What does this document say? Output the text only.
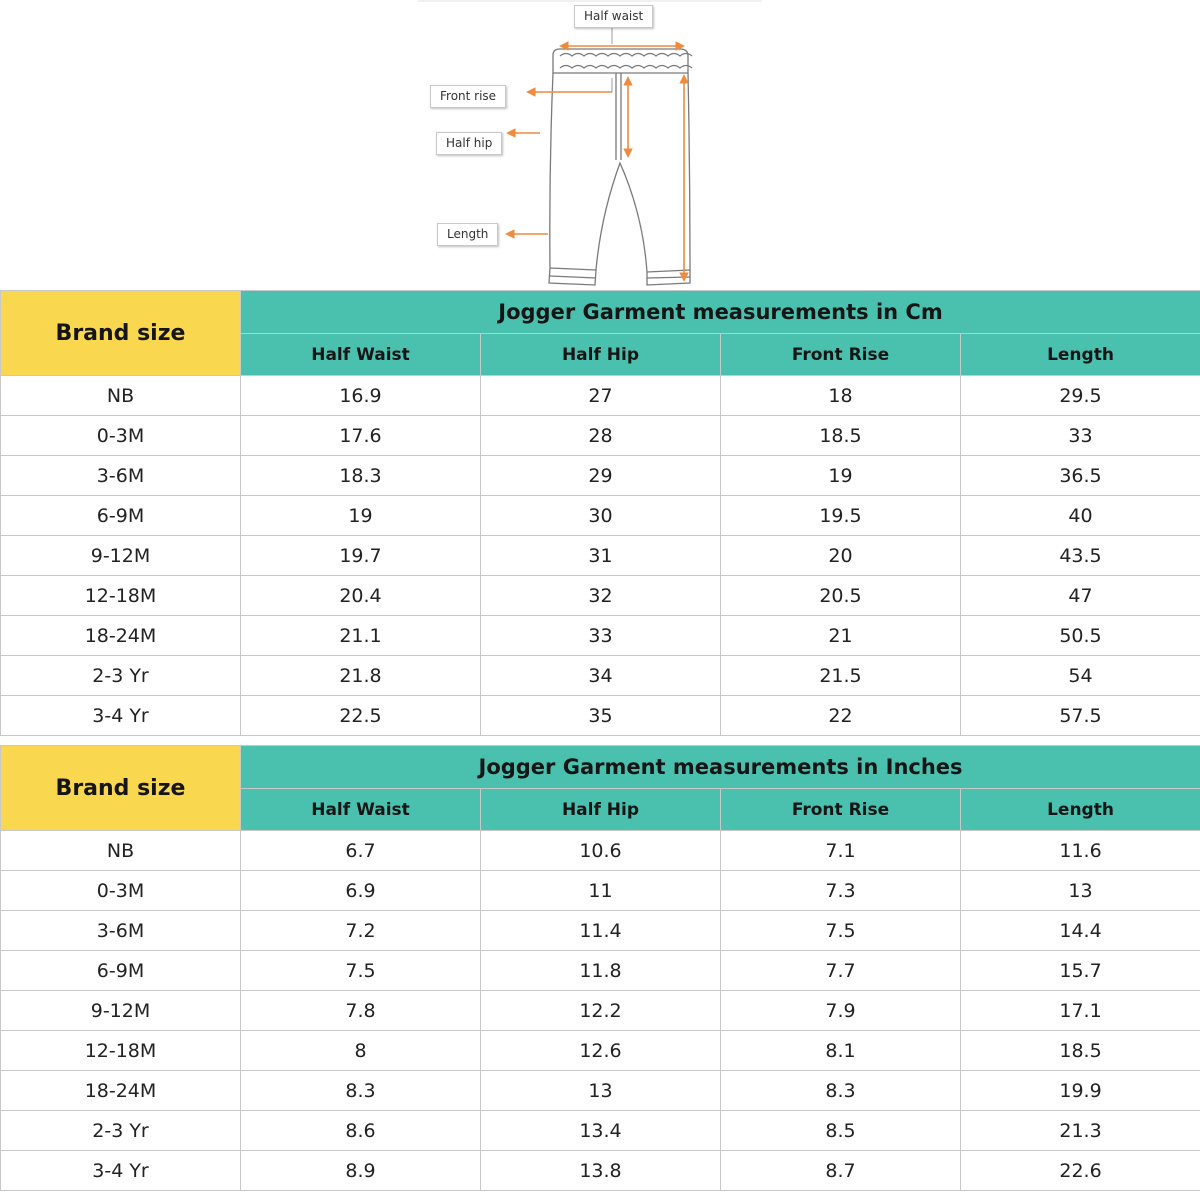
Half waist
Front rise
Half hip
Length
Brand size	Jogger Garment measurements in Cm			
	Half Waist	Half Hip	Front Rise	Length
NB	16.9	27	18	29.5
0-3M	17.6	28	18.5	33
3-6M	18.3	29	19	36.5
6-9M	19	30	19.5	40
9-12M	19.7	31	20	43.5
12-18M	20.4	32	20.5	47
18-24M	21.1	33	21	50.5
2-3 Yr	21.8	34	21.5	54
3-4 Yr	22.5	35	22	57.5
Brand size	Jogger Garment measurements in Inches			
	Half Waist	Half Hip	Front Rise	Length
NB	6.7	10.6	7.1	11.6
0-3M	6.9	11	7.3	13
3-6M	7.2	11.4	7.5	14.4
6-9M	7.5	11.8	7.7	15.7
9-12M	7.8	12.2	7.9	17.1
12-18M	8	12.6	8.1	18.5
18-24M	8.3	13	8.3	19.9
2-3 Yr	8.6	13.4	8.5	21.3
3-4 Yr	8.9	13.8	8.7	22.6
